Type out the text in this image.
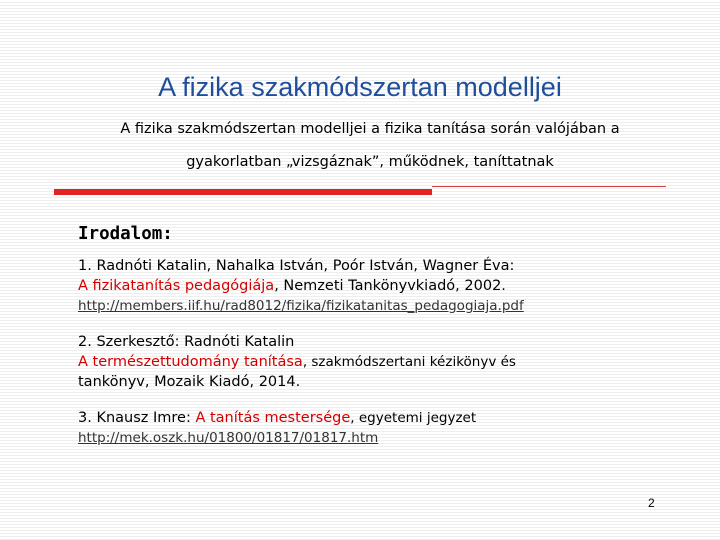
A fizika szakmódszertan modelljei
A fizika szakmódszertan modelljei a fizika tanítása során valójában a
gyakorlatban „vizsgáznak”, működnek, taníttatnak
Irodalom:

1. Radnóti Katalin, Nahalka István, Poór István, Wagner Éva:

A fizikatanítás pedagógiája, Nemzeti Tankönyvkiadó, 2002.

http://members.iif.hu/rad8012/fizika/fizikatanitas_pedagogiaja.pdf

2. Szerkesztő: Radnóti Katalin

A természettudomány tanítása, szakmódszertani kézikönyv és

tankönyv, Mozaik Kiadó, 2014.

3. Knausz Imre: A tanítás mestersége, egyetemi jegyzet

http://mek.oszk.hu/01800/01817/01817.htm

2
